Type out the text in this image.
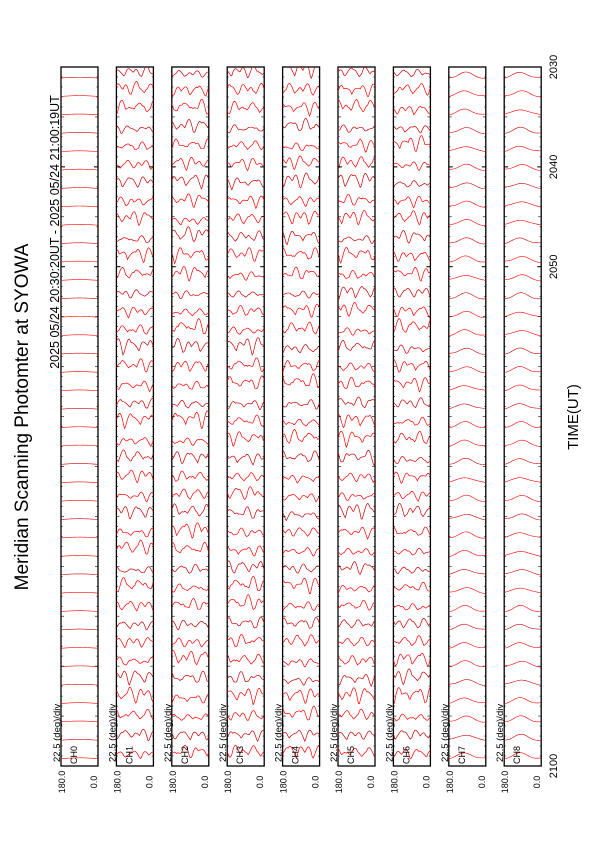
Meridian Scanning Photomter at SYOWA
2025 05/24 20:30:20UT - 2025 05/24 21:00:19UT
TIME(UT)
180.0 0.0
CH0
22.5 (deg)/div
180.0 0.0
CH1
22.5 (deg)/div
180.0 0.0
CH2
22.5 (deg)/div
180.0 0.0
CH3
22.5 (deg)/div
180.0 0.0
CH4
22.5 (deg)/div
180.0 0.0
CH5
22.5 (deg)/div
180.0 0.0
CH6
22.5 (deg)/div
180.0 0.0
CH7
22.5 (deg)/div
180.0 0.0
CH8
22.5 (deg)/div
2030
2040
2050
2100
